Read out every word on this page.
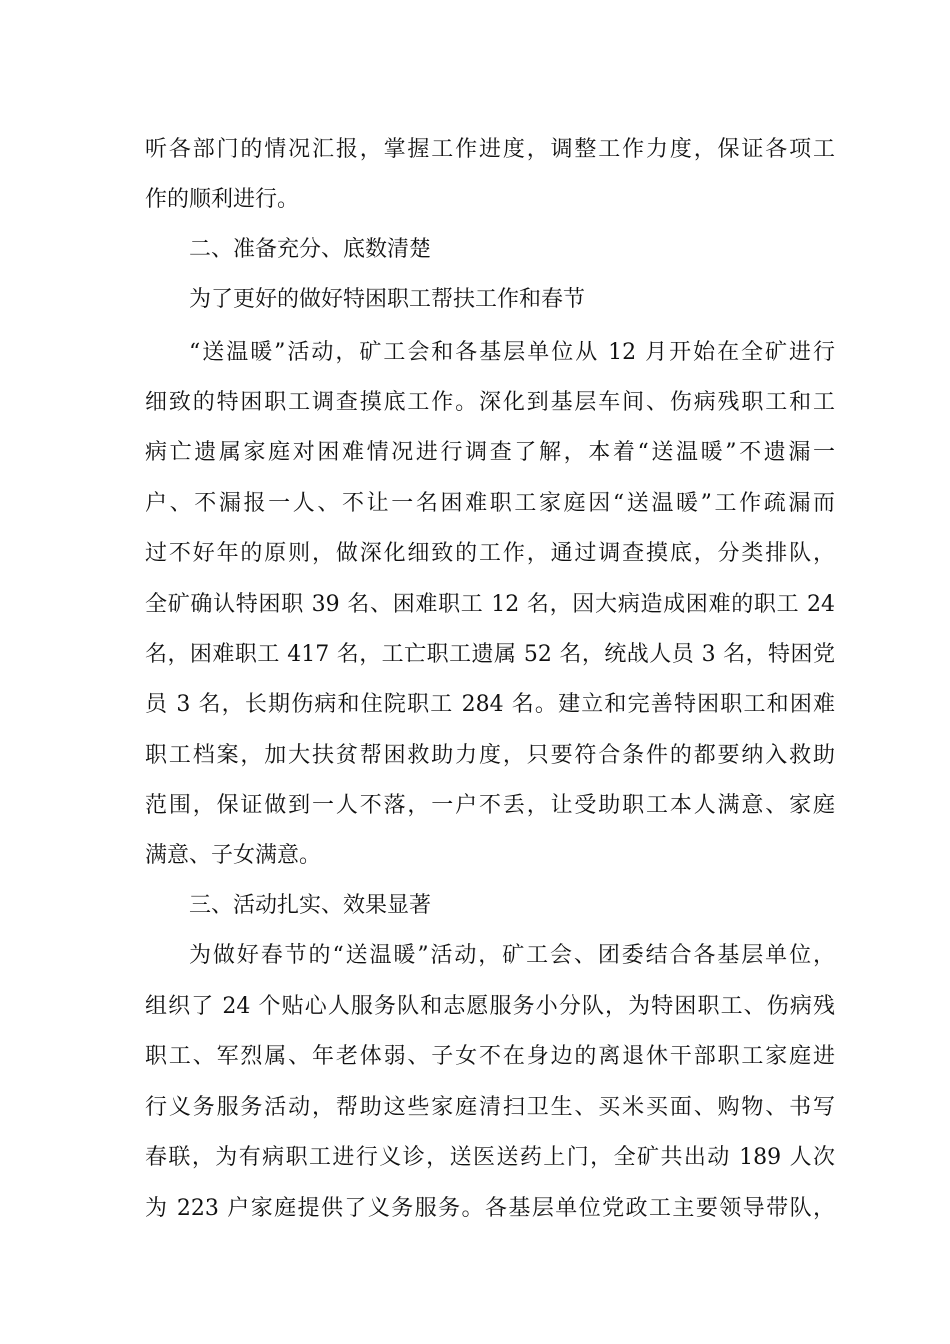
听各部门的情况汇报，掌握工作进度，调整工作力度，保证各项工
作的顺利进行。
二、准备充分、底数清楚
为了更好的做好特困职工帮扶工作和春节
“送温暖”活动，矿工会和各基层单位从 12 月开始在全矿进行
细致的特困职工调查摸底工作。深化到基层车间、伤病残职工和工
病亡遗属家庭对困难情况进行调查了解，本着“送温暖”不遗漏一
户、不漏报一人、不让一名困难职工家庭因“送温暖”工作疏漏而
过不好年的原则，做深化细致的工作，通过调查摸底，分类排队，
全矿确认特困职 39 名、困难职工 12 名，因大病造成困难的职工 24
名，困难职工 417 名，工亡职工遗属 52 名，统战人员 3 名，特困党
员 3 名，长期伤病和住院职工 284 名。建立和完善特困职工和困难
职工档案，加大扶贫帮困救助力度，只要符合条件的都要纳入救助
范围，保证做到一人不落，一户不丢，让受助职工本人满意、家庭
满意、子女满意。
三、活动扎实、效果显著
为做好春节的“送温暖”活动，矿工会、团委结合各基层单位，
组织了 24 个贴心人服务队和志愿服务小分队，为特困职工、伤病残
职工、军烈属、年老体弱、子女不在身边的离退休干部职工家庭进
行义务服务活动，帮助这些家庭清扫卫生、买米买面、购物、书写
春联，为有病职工进行义诊，送医送药上门，全矿共出动 189 人次
为 223 户家庭提供了义务服务。各基层单位党政工主要领导带队，
